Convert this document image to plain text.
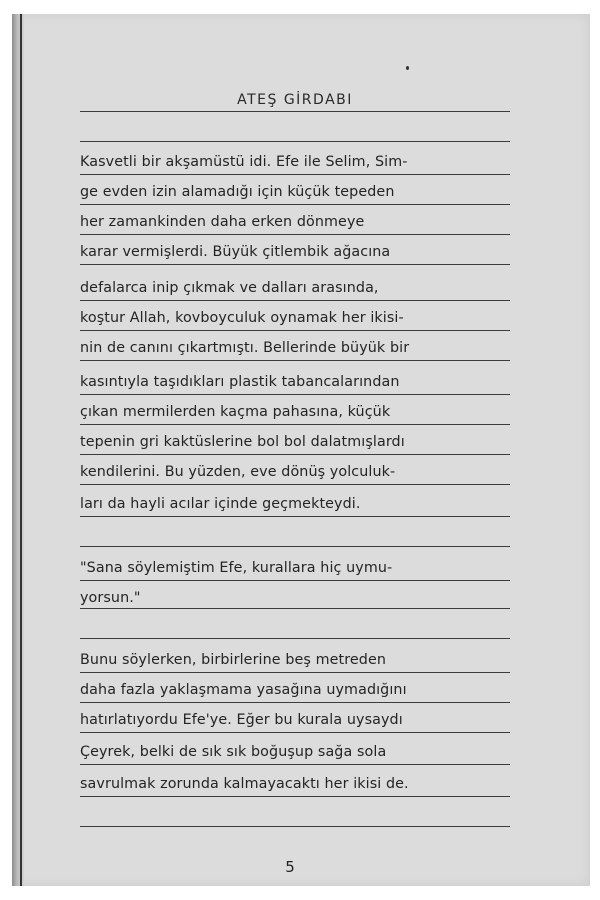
ATEŞ GİRDABI
Kasvetli bir akşamüstü idi. Efe ile Selim, Sim-
ge evden izin alamadığı için küçük tepeden
her zamankinden daha erken dönmeye
karar vermişlerdi. Büyük çitlembik ağacına
defalarca inip çıkmak ve dalları arasında,
koştur Allah, kovboyculuk oynamak her ikisi-
nin de canını çıkartmıştı. Bellerinde büyük bir
kasıntıyla taşıdıkları plastik tabancalarından
çıkan mermilerden kaçma pahasına, küçük
tepenin gri kaktüslerine bol bol dalatmışlardı
kendilerini. Bu yüzden, eve dönüş yolculuk-
ları da hayli acılar içinde geçmekteydi.
"Sana söylemiştim Efe, kurallara hiç uymu-
yorsun."
Bunu söylerken, birbirlerine beş metreden
daha fazla yaklaşmama yasağına uymadığını
hatırlatıyordu Efe'ye. Eğer bu kurala uysaydı
Çeyrek, belki de sık sık boğuşup sağa sola
savrulmak zorunda kalmayacaktı her ikisi de.
5
